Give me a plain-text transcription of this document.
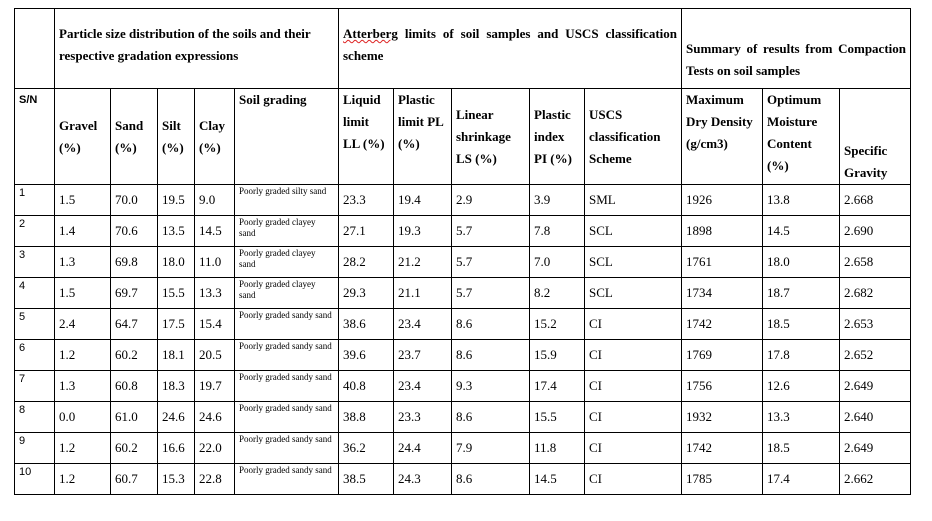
	Particle size distribution of the soils and their respective gradation expressions					Atterberg limits of soil samples and USCS classification scheme					Summary of results from Compaction Tests on soil samples		
S/N	Gravel (%)	Sand (%)	Silt (%)	Clay (%)	Soil grading	Liquid limit LL (%)	Plastic limit PL (%)	Linear shrinkage LS (%)	Plastic index PI (%)	USCS classification Scheme	Maximum Dry Density (g/cm3)	Optimum Moisture Content (%)	Specific Gravity
1	1.5	70.0	19.5	9.0	Poorly graded silty sand	23.3	19.4	2.9	3.9	SML	1926	13.8	2.668
2	1.4	70.6	13.5	14.5	Poorly graded clayey sand	27.1	19.3	5.7	7.8	SCL	1898	14.5	2.690
3	1.3	69.8	18.0	11.0	Poorly graded clayey sand	28.2	21.2	5.7	7.0	SCL	1761	18.0	2.658
4	1.5	69.7	15.5	13.3	Poorly graded clayey sand	29.3	21.1	5.7	8.2	SCL	1734	18.7	2.682
5	2.4	64.7	17.5	15.4	Poorly graded sandy sand	38.6	23.4	8.6	15.2	CI	1742	18.5	2.653
6	1.2	60.2	18.1	20.5	Poorly graded sandy sand	39.6	23.7	8.6	15.9	CI	1769	17.8	2.652
7	1.3	60.8	18.3	19.7	Poorly graded sandy sand	40.8	23.4	9.3	17.4	CI	1756	12.6	2.649
8	0.0	61.0	24.6	24.6	Poorly graded sandy sand	38.8	23.3	8.6	15.5	CI	1932	13.3	2.640
9	1.2	60.2	16.6	22.0	Poorly graded sandy sand	36.2	24.4	7.9	11.8	CI	1742	18.5	2.649
10	1.2	60.7	15.3	22.8	Poorly graded sandy sand	38.5	24.3	8.6	14.5	CI	1785	17.4	2.662
